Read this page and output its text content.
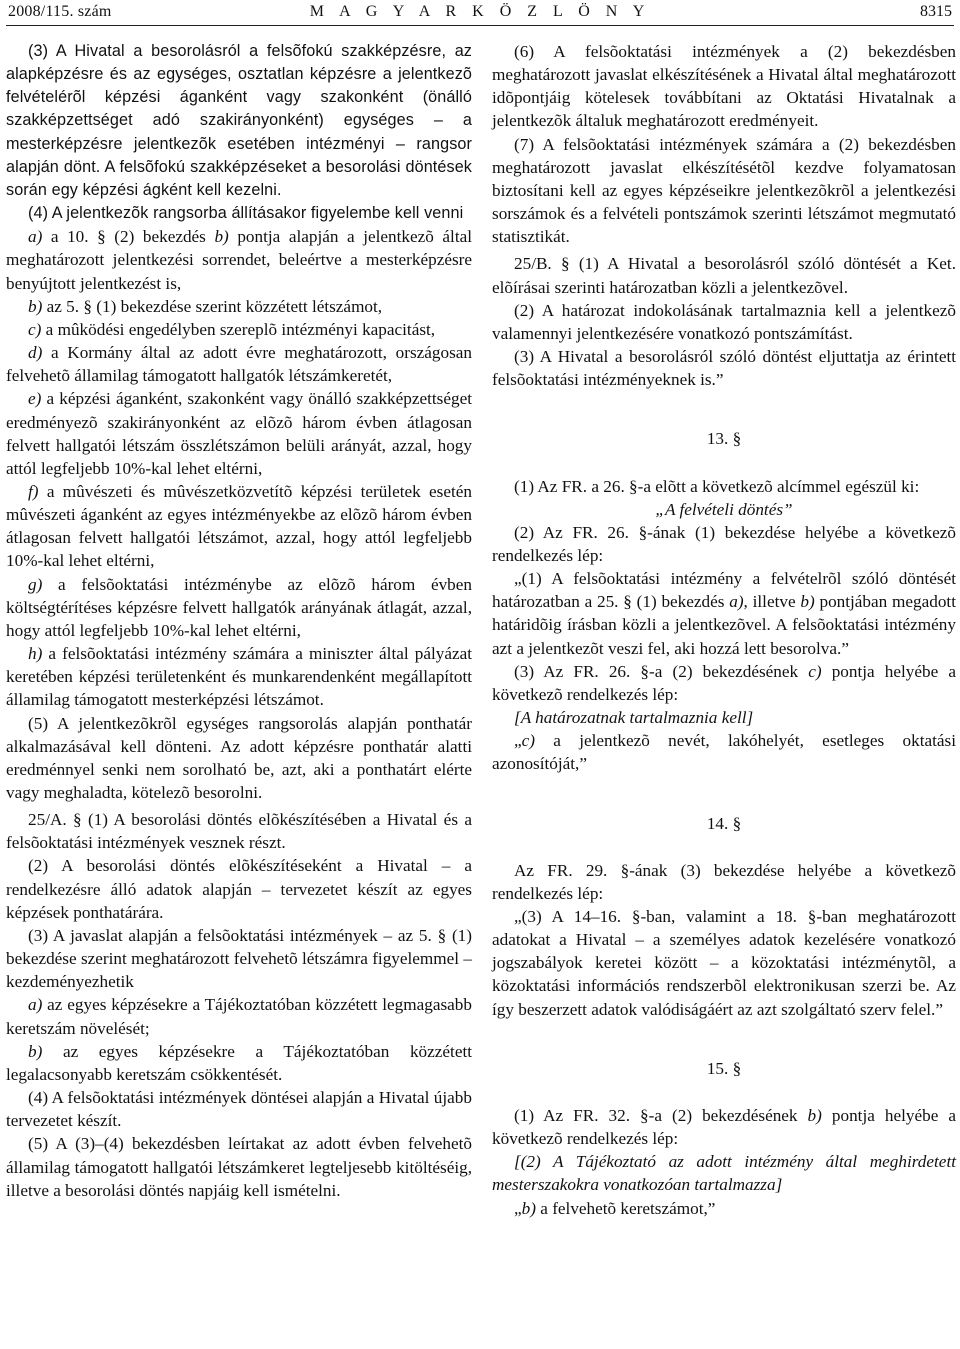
2008/115. szám	M A G Y A R K Ö Z L Ö N Y	8315

(3) A Hivatal a besorolásról a felsõfokú szakképzésre, az alapképzésre és az egységes, osztatlan képzésre a jelentkezõ felvételérõl képzési áganként vagy szakonként (önálló szakképzettséget adó szakirányonként) egységes – a mesterképzésre jelentkezõk esetében intézményi – rangsor alapján dönt. A felsõfokú szakképzéseket a besorolási döntések során egy képzési ágként kell kezelni.

(4) A jelentkezõk rangsorba állításakor figyelembe kell venni

a) a 10. § (2) bekezdés b) pontja alapján a jelentkezõ által meghatározott jelentkezési sorrendet, beleértve a mesterképzésre benyújtott jelentkezést is,

b) az 5. § (1) bekezdése szerint közzétett létszámot,

c) a mûködési engedélyben szereplõ intézményi kapacitást,

d) a Kormány által az adott évre meghatározott, országosan felvehetõ államilag támogatott hallgatók létszámkeretét,

e) a képzési áganként, szakonként vagy önálló szakképzettséget eredményezõ szakirányonként az elõzõ három évben átlagosan felvett hallgatói létszám összlétszámon belüli arányát, azzal, hogy attól legfeljebb 10%-kal lehet eltérni,

f) a mûvészeti és mûvészetközvetítõ képzési területek esetén mûvészeti áganként az egyes intézményekbe az elõzõ három évben átlagosan felvett hallgatói létszámot, azzal, hogy attól legfeljebb 10%-kal lehet eltérni,

g) a felsõoktatási intézménybe az elõzõ három évben költségtérítéses képzésre felvett hallgatók arányának átlagát, azzal, hogy attól legfeljebb 10%-kal lehet eltérni,

h) a felsõoktatási intézmény számára a miniszter által pályázat keretében képzési területenként és munkarendenként megállapított államilag támogatott mesterképzési létszámot.

(5) A jelentkezõkrõl egységes rangsorolás alapján ponthatár alkalmazásával kell dönteni. Az adott képzésre ponthatár alatti eredménnyel senki nem sorolható be, azt, aki a ponthatárt elérte vagy meghaladta, kötelezõ besorolni.

25/A. § (1) A besorolási döntés elõkészítésében a Hivatal és a felsõoktatási intézmények vesznek részt.

(2) A besorolási döntés elõkészítéseként a Hivatal – a rendelkezésre álló adatok alapján – tervezetet készít az egyes képzések ponthatárára.

(3) A javaslat alapján a felsõoktatási intézmények – az 5. § (1) bekezdése szerint meghatározott felvehetõ létszámra figyelemmel – kezdeményezhetik

a) az egyes képzésekre a Tájékoztatóban közzétett legmagasabb keretszám növelését;

b) az egyes képzésekre a Tájékoztatóban közzétett legalacsonyabb keretszám csökkentését.

(4) A felsõoktatási intézmények döntései alapján a Hivatal újabb tervezetet készít.

(5) A (3)–(4) bekezdésben leírtakat az adott évben felvehetõ államilag támogatott hallgatói létszámkeret legteljesebb kitöltéséig, illetve a besorolási döntés napjáig kell ismételni.

(6) A felsõoktatási intézmények a (2) bekezdésben meghatározott javaslat elkészítésének a Hivatal által meghatározott idõpontjáig kötelesek továbbítani az Oktatási Hivatalnak a jelentkezõk általuk meghatározott eredményeit.

(7) A felsõoktatási intézmények számára a (2) bekezdésben meghatározott javaslat elkészítésétõl kezdve folyamatosan biztosítani kell az egyes képzéseikre jelentkezõkrõl a jelentkezési sorszámok és a felvételi pontszámok szerinti létszámot megmutató statisztikát.

25/B. § (1) A Hivatal a besorolásról szóló döntését a Ket. elõírásai szerinti határozatban közli a jelentkezõvel.

(2) A határozat indokolásának tartalmaznia kell a jelentkezõ valamennyi jelentkezésére vonatkozó pontszámítást.

(3) A Hivatal a besorolásról szóló döntést eljuttatja az érintett felsõoktatási intézményeknek is.”

13. §

(1) Az FR. a 26. §-a elõtt a következõ alcímmel egészül ki:

„A felvételi döntés”

(2) Az FR. 26. §-ának (1) bekezdése helyébe a következõ rendelkezés lép:

„(1) A felsõoktatási intézmény a felvételrõl szóló döntését határozatban a 25. § (1) bekezdés a), illetve b) pontjában megadott határidõig írásban közli a jelentkezõvel. A felsõoktatási intézmény azt a jelentkezõt veszi fel, aki hozzá lett besorolva.”

(3) Az FR. 26. §-a (2) bekezdésének c) pontja helyébe a következõ rendelkezés lép:

[A határozatnak tartalmaznia kell]

„c) a jelentkezõ nevét, lakóhelyét, esetleges oktatási azonosítóját,”

14. §

Az FR. 29. §-ának (3) bekezdése helyébe a következõ rendelkezés lép:

„(3) A 14–16. §-ban, valamint a 18. §-ban meghatározott adatokat a Hivatal – a személyes adatok kezelésére vonatkozó jogszabályok keretei között – a közoktatási intézménytõl, a közoktatási információs rendszerbõl elektronikusan szerzi be. Az így beszerzett adatok valódiságáért az azt szolgáltató szerv felel.”

15. §

(1) Az FR. 32. §-a (2) bekezdésének b) pontja helyébe a következõ rendelkezés lép:

[(2) A Tájékoztató az adott intézmény által meghirdetett mesterszakokra vonatkozóan tartalmazza]

„b) a felvehetõ keretszámot,”
